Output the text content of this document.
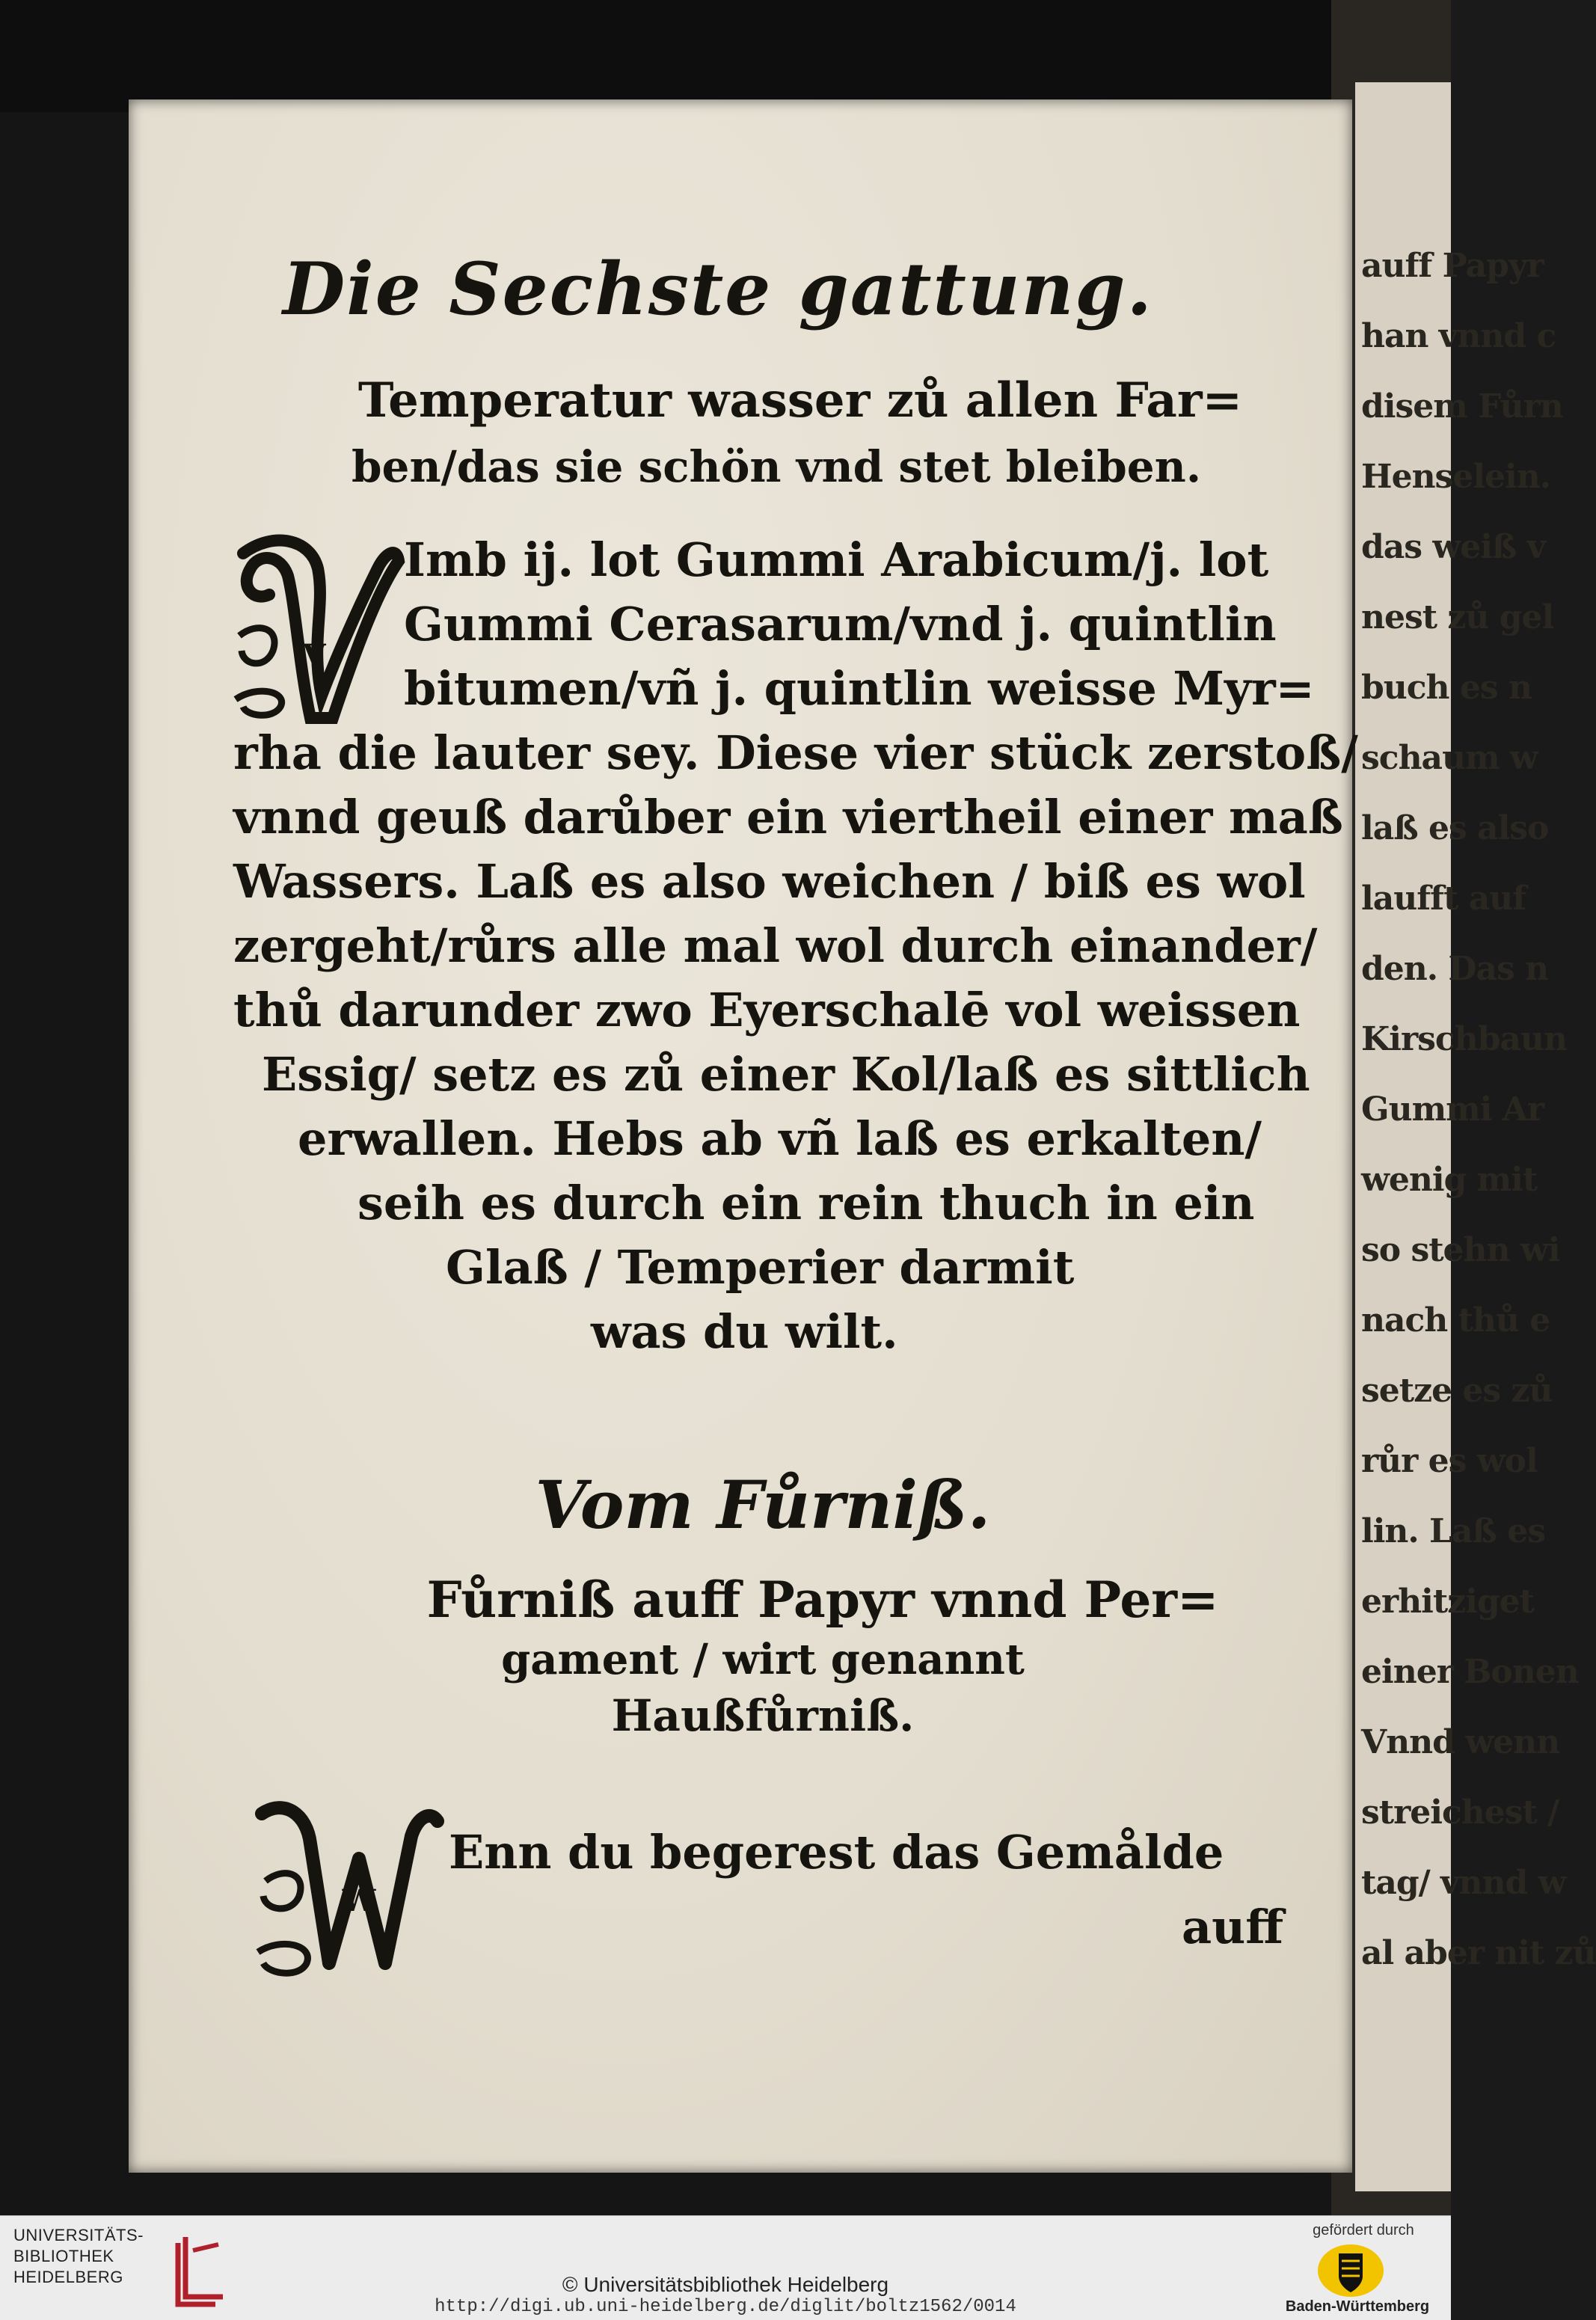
auff Papyr
han vnnd c
disem Fůrn
Henselein.
das weiß v
nest zů gel
buch es n
schaum w
laß es also
laufft auf
den. Das n
Kirschbaun
Gummi Ar
wenig mit
so stehn wi
nach thů e
setze es zů
růr es wol
lin. Laß es
erhitziget
einer Bonen
Vnnd wenn
streichest /
tag/ vnnd w
al aber nit zů
Die Sechste gattung.
Temperatur wasser zů allen Far=
ben/das sie schön vnd stet bleiben.
V
Imb ij. lot Gummi Arabicum/j. lot
Gummi Cerasarum/vnd j. quintlin
bitumen/vñ j. quintlin weisse Myr=
rha die lauter sey. Diese vier stück zerstoß/
vnnd geuß darůber ein viertheil einer maß
Wassers. Laß es also weichen / biß es wol
zergeht/růrs alle mal wol durch einander/
thů darunder zwo Eyerschalē vol weissen
Essig/ setz es zů einer Kol/laß es sittlich
erwallen. Hebs ab vñ laß es erkalten/
seih es durch ein rein thuch in ein
Glaß / Temperier darmit
was du wilt.
Vom Fůrniß.
Fůrniß auff Papyr vnnd Per=
gament / wirt genannt
Haußfůrniß.
W
Enn du begerest das Gemålde
auff
UNIVERSITÄTS-
BIBLIOTHEK
HEIDELBERG	© Universitätsbibliothek Heidelberg
http://digi.ub.uni-heidelberg.de/diglit/boltz1562/0014
gefördert durch
Baden-Württemberg
